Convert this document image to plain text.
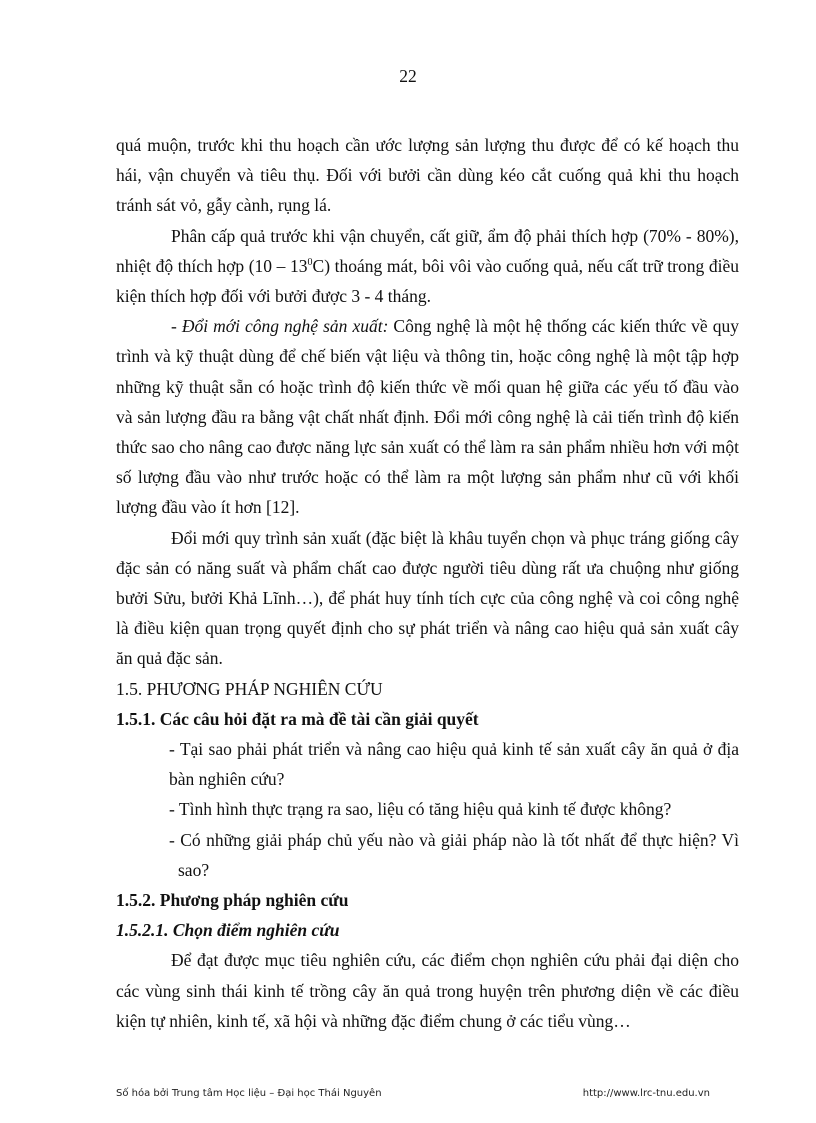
22

quá muộn, trước khi thu hoạch cần ước lượng sản lượng thu được để có kế hoạch thu hái, vận chuyển và tiêu thụ. Đối với bưởi cần dùng kéo cắt cuống quả khi thu hoạch tránh sát vỏ, gẫy cành, rụng lá.

Phân cấp quả trước khi vận chuyển, cất giữ, ẩm độ phải thích hợp (70% - 80%), nhiệt độ thích hợp $(10 - 13^0C)$ thoáng mát, bôi vôi vào cuống quả, nếu cất trữ trong điều kiện thích hợp đối với bưởi được 3 - 4 tháng.

- Đổi mới công nghệ sản xuất: Công nghệ là một hệ thống các kiến thức về quy trình và kỹ thuật dùng để chế biến vật liệu và thông tin, hoặc công nghệ là một tập hợp những kỹ thuật sẵn có hoặc trình độ kiến thức về mối quan hệ giữa các yếu tố đầu vào và sản lượng đầu ra bằng vật chất nhất định. Đổi mới công nghệ là cải tiến trình độ kiến thức sao cho nâng cao được năng lực sản xuất có thể làm ra sản phẩm nhiều hơn với một số lượng đầu vào như trước hoặc có thể làm ra một lượng sản phẩm như cũ với khối lượng đầu vào ít hơn [12].

Đổi mới quy trình sản xuất (đặc biệt là khâu tuyển chọn và phục tráng giống cây đặc sản có năng suất và phẩm chất cao được người tiêu dùng rất ưa chuộng như giống bưởi Sửu, bưởi Khả Lĩnh…), để phát huy tính tích cực của công nghệ và coi công nghệ là điều kiện quan trọng quyết định cho sự phát triển và nâng cao hiệu quả sản xuất cây ăn quả đặc sản.

1.5. PHƯƠNG PHÁP NGHIÊN CỨU

1.5.1. Các câu hỏi đặt ra mà đề tài cần giải quyết

- Tại sao phải phát triển và nâng cao hiệu quả kinh tế sản xuất cây ăn quả ở địa bàn nghiên cứu?

- Tình hình thực trạng ra sao, liệu có tăng hiệu quả kinh tế được không?

- Có những giải pháp chủ yếu nào và giải pháp nào là tốt nhất để thực hiện? Vì sao?

1.5.2. Phương pháp nghiên cứu

1.5.2.1. Chọn điểm nghiên cứu

Để đạt được mục tiêu nghiên cứu, các điểm chọn nghiên cứu phải đại diện cho các vùng sinh thái kinh tế trồng cây ăn quả trong huyện trên phương diện về các điều kiện tự nhiên, kinh tế, xã hội và những đặc điểm chung ở các tiểu vùng…

Số hóa bởi Trung tâm Học liệu – Đại học Thái Nguyên	http://www.lrc-tnu.edu.vn
